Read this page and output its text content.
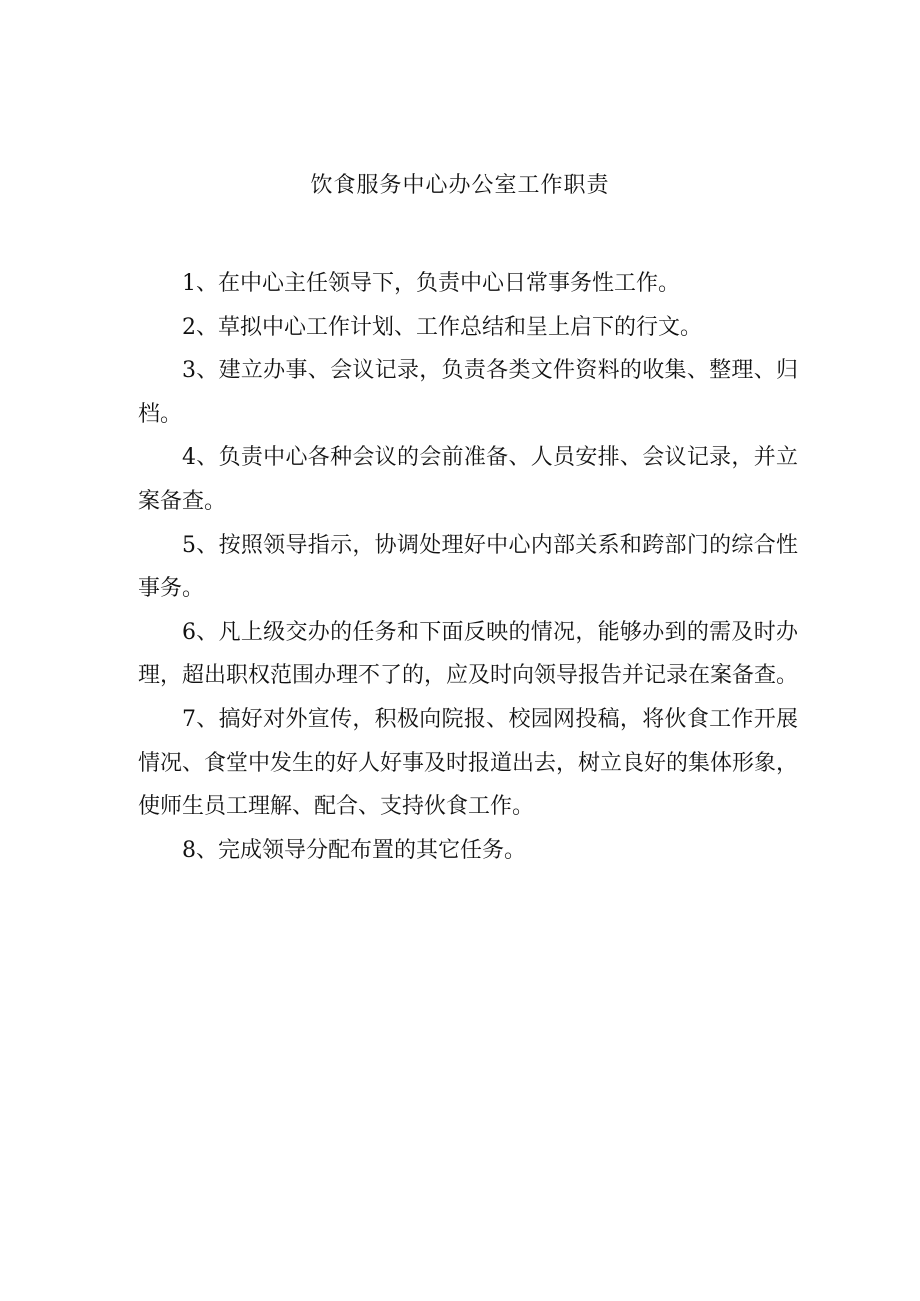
饮食服务中心办公室工作职责

1、在中心主任领导下，负责中心日常事务性工作。

2、草拟中心工作计划、工作总结和呈上启下的行文。

3、建立办事、会议记录，负责各类文件资料的收集、整理、归档。

4、负责中心各种会议的会前准备、人员安排、会议记录，并立案备查。

5、按照领导指示，协调处理好中心内部关系和跨部门的综合性事务。

6、凡上级交办的任务和下面反映的情况，能够办到的需及时办理，超出职权范围办理不了的，应及时向领导报告并记录在案备查。

7、搞好对外宣传，积极向院报、校园网投稿，将伙食工作开展情况、食堂中发生的好人好事及时报道出去，树立良好的集体形象，使师生员工理解、配合、支持伙食工作。

8、完成领导分配布置的其它任务。
